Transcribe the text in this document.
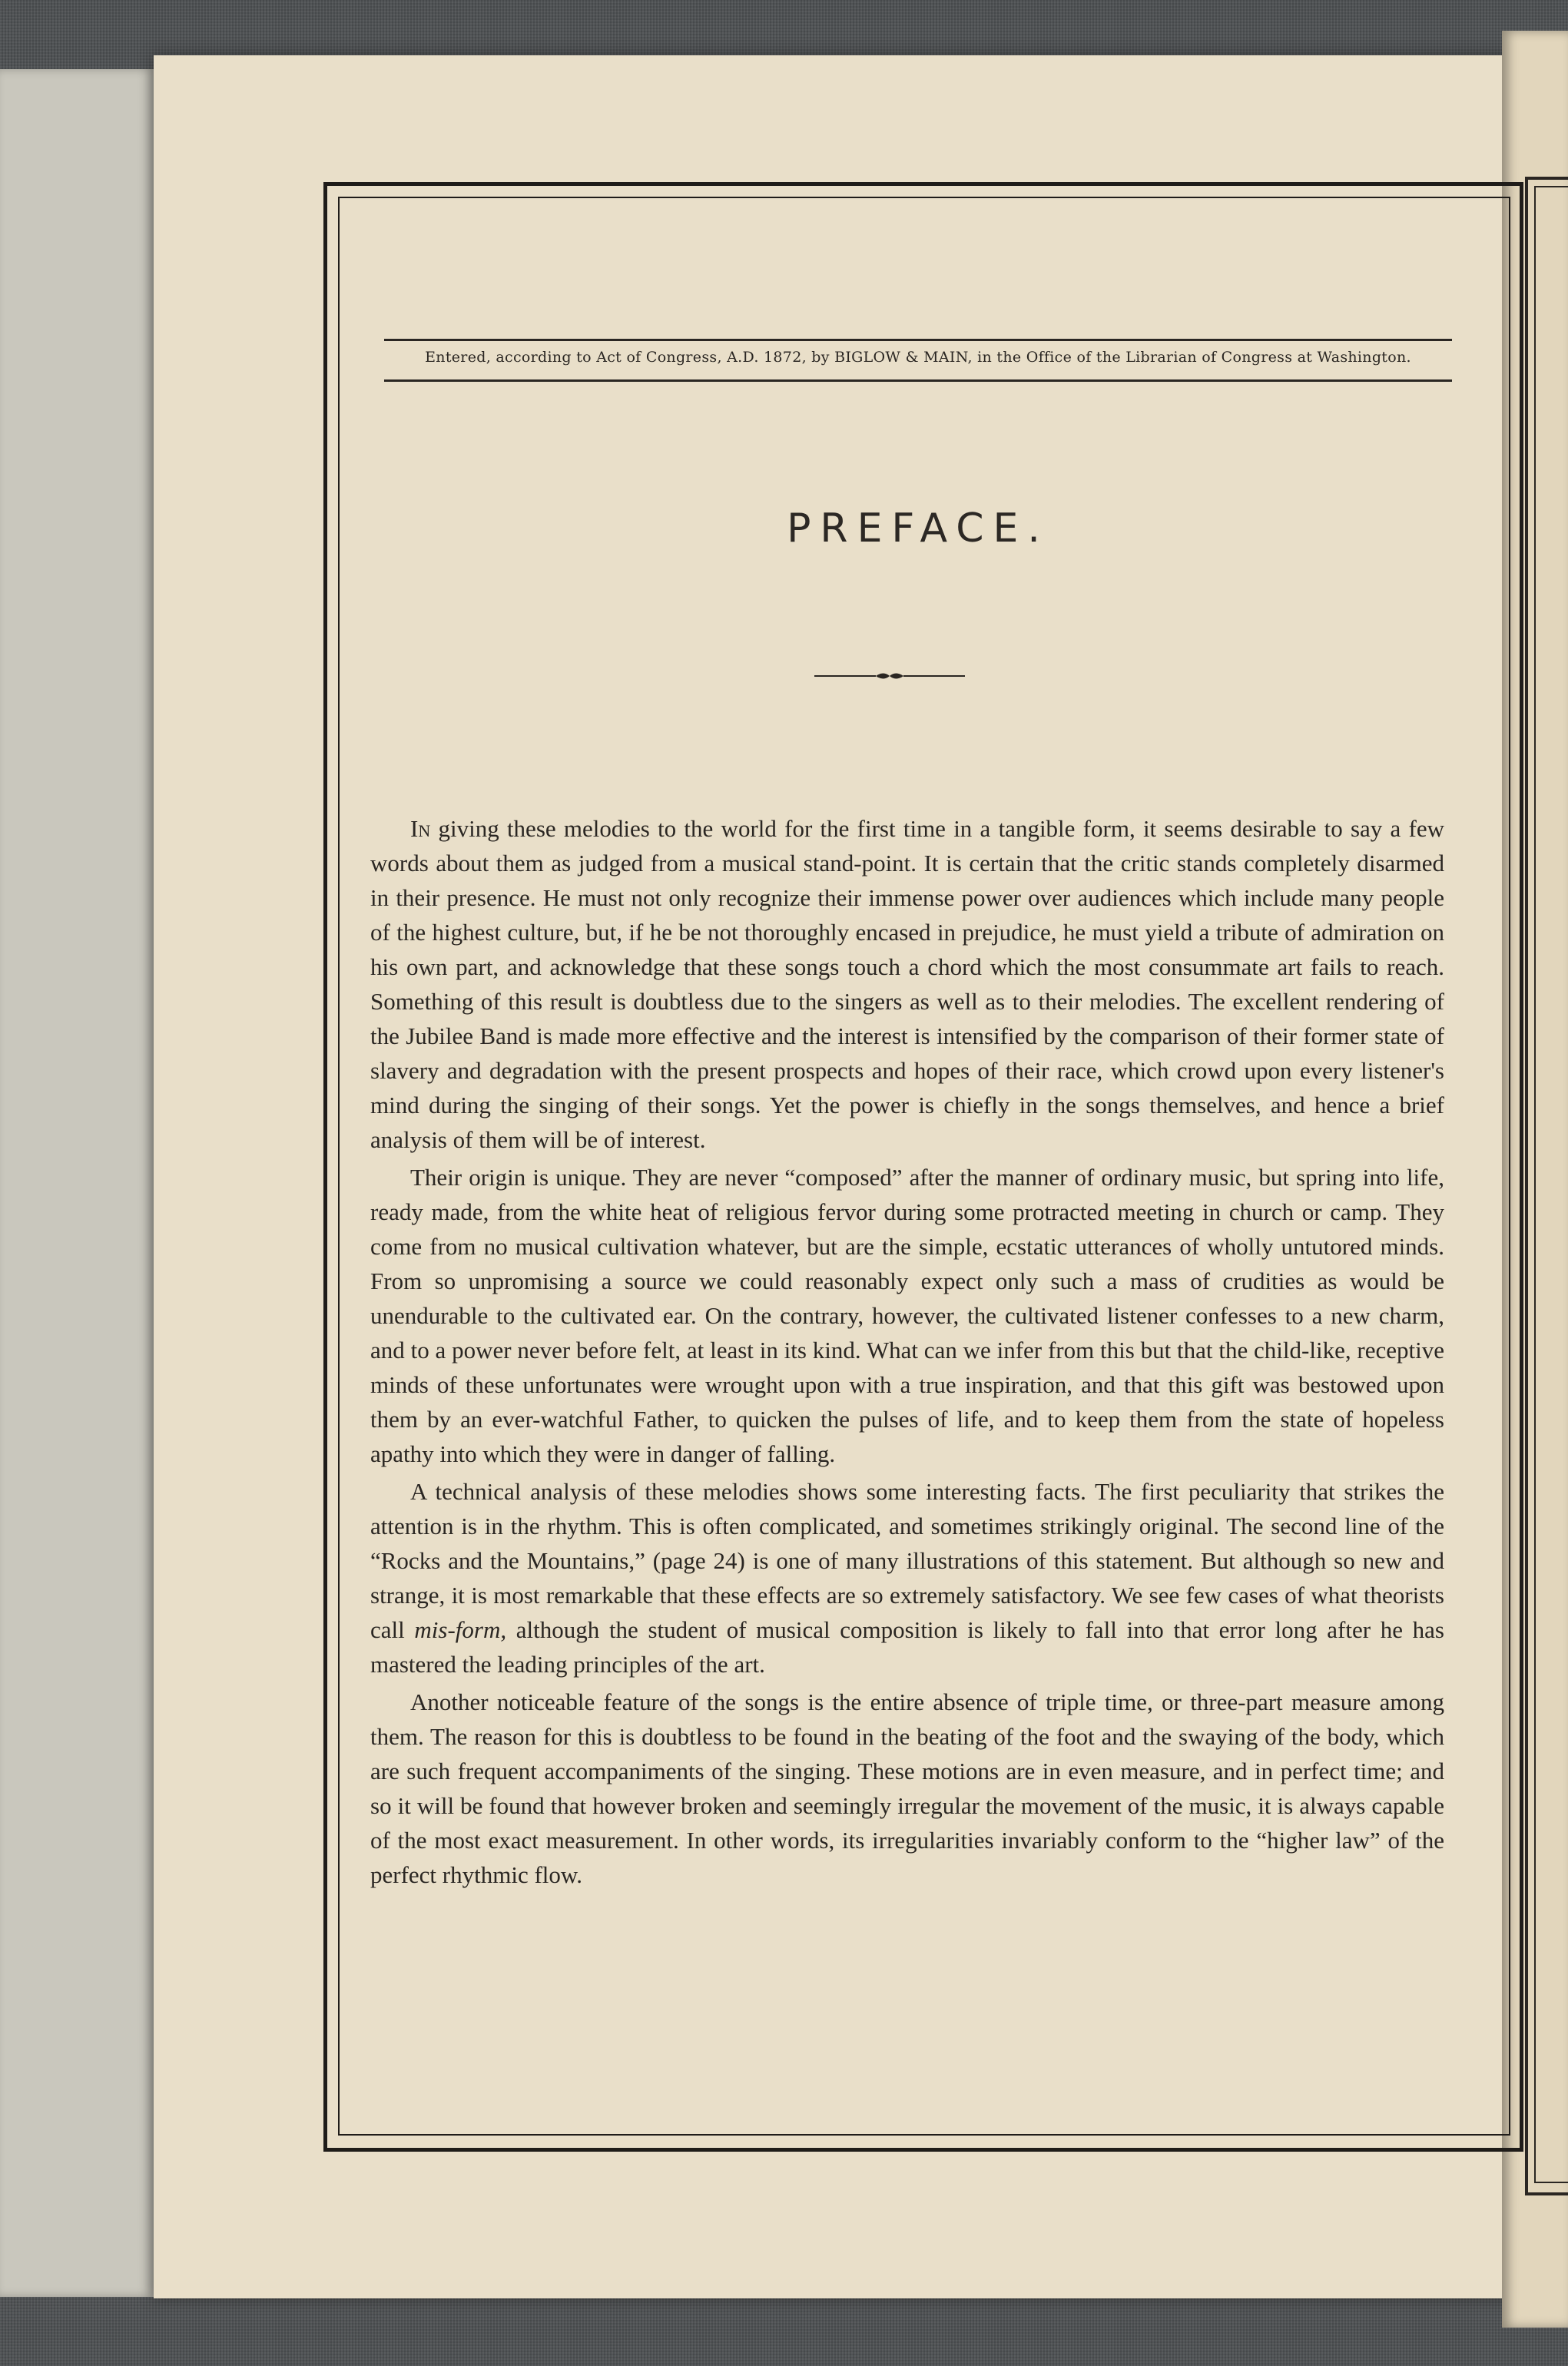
Entered, according to Act of Congress, A.D. 1872, by BIGLOW & MAIN, in the Office of the Librarian of Congress at Washington.
PREFACE.

In giving these melodies to the world for the first time in a tangible form, it seems desirable to say a few words about them as judged from a musical stand-point. It is certain that the critic stands completely disarmed in their presence. He must not only recognize their immense power over audiences which include many people of the highest culture, but, if he be not thoroughly encased in prejudice, he must yield a tribute of admiration on his own part, and acknowledge that these songs touch a chord which the most consummate art fails to reach. Something of this result is doubtless due to the singers as well as to their melodies. The excellent rendering of the Jubilee Band is made more effective and the interest is intensified by the comparison of their former state of slavery and degradation with the present prospects and hopes of their race, which crowd upon every listener's mind during the singing of their songs. Yet the power is chiefly in the songs themselves, and hence a brief analysis of them will be of interest.

Their origin is unique. They are never “composed” after the manner of ordinary music, but spring into life, ready made, from the white heat of religious fervor during some protracted meeting in church or camp. They come from no musical cultivation whatever, but are the simple, ecstatic utterances of wholly untutored minds. From so unpromising a source we could reasonably expect only such a mass of crudities as would be unendurable to the cultivated ear. On the contrary, however, the cultivated listener confesses to a new charm, and to a power never before felt, at least in its kind. What can we infer from this but that the child-like, receptive minds of these unfortunates were wrought upon with a true inspiration, and that this gift was bestowed upon them by an ever-watchful Father, to quicken the pulses of life, and to keep them from the state of hopeless apathy into which they were in danger of falling.

A technical analysis of these melodies shows some interesting facts. The first peculiarity that strikes the attention is in the rhythm. This is often complicated, and sometimes strikingly original. The second line of the “Rocks and the Mountains,” (page 24) is one of many illustrations of this statement. But although so new and strange, it is most remarkable that these effects are so extremely satisfactory. We see few cases of what theorists call mis-form, although the student of musical composition is likely to fall into that error long after he has mastered the leading principles of the art.

Another noticeable feature of the songs is the entire absence of triple time, or three-part measure among them. The reason for this is doubtless to be found in the beating of the foot and the swaying of the body, which are such frequent accompaniments of the singing. These motions are in even measure, and in perfect time; and so it will be found that however broken and seemingly irregular the movement of the music, it is always capable of the most exact measurement. In other words, its irregularities invariably conform to the “higher law” of the perfect rhythmic flow.
